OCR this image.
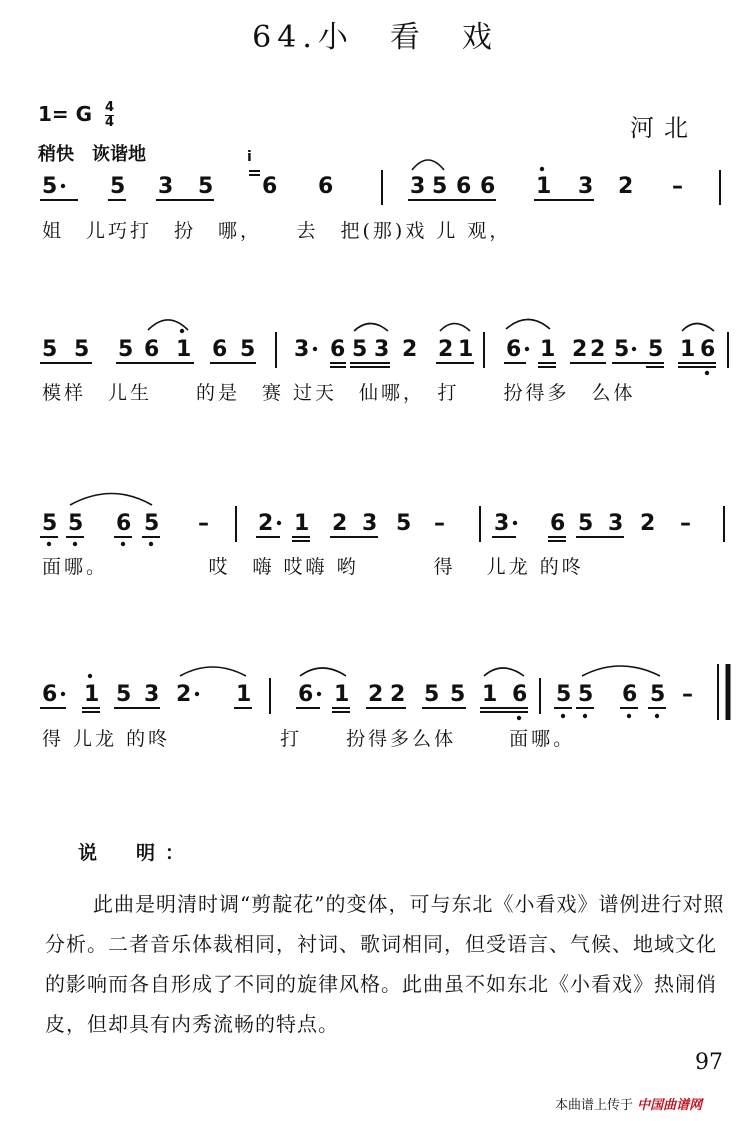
64.小　看　戏
1= G $\frac{4}{4}$
稍快　诙谐地
河北
5 5 3 5
i
6 6	3 5 6 6 1 3 2 –
5 5 5 6 1 6 5 3 6 5 3 2 2 1 6 1 2 2 5 5 1 6
5 5 6 5 – 2 1 2 3 5 – 3 6 5 3 2 –
6 1 5 3 2 1 6 1 2 2 5 5 1 6 5 5 6 5 –
姐　儿巧打　扮　哪，　　去　把(那)戏 儿 观，
模样　儿生　　的是　赛 过天　仙哪，　打　　扮得多　么体
面哪。　　　　　哎　嗨 哎嗨 哟　　　 得　 儿龙 的咚
得 儿龙 的咚　　　　　打　　扮得多么体　　 面哪。
说　明：
此曲是明清时调“剪靛花”的变体，可与东北《小看戏》谱例进行对照分析。二者音乐体裁相同，衬词、歌词相同，但受语言、气候、地域文化的影响而各自形成了不同的旋律风格。此曲虽不如东北《小看戏》热闹俏皮，但却具有内秀流畅的特点。
97
本曲谱上传于 中国曲谱网
